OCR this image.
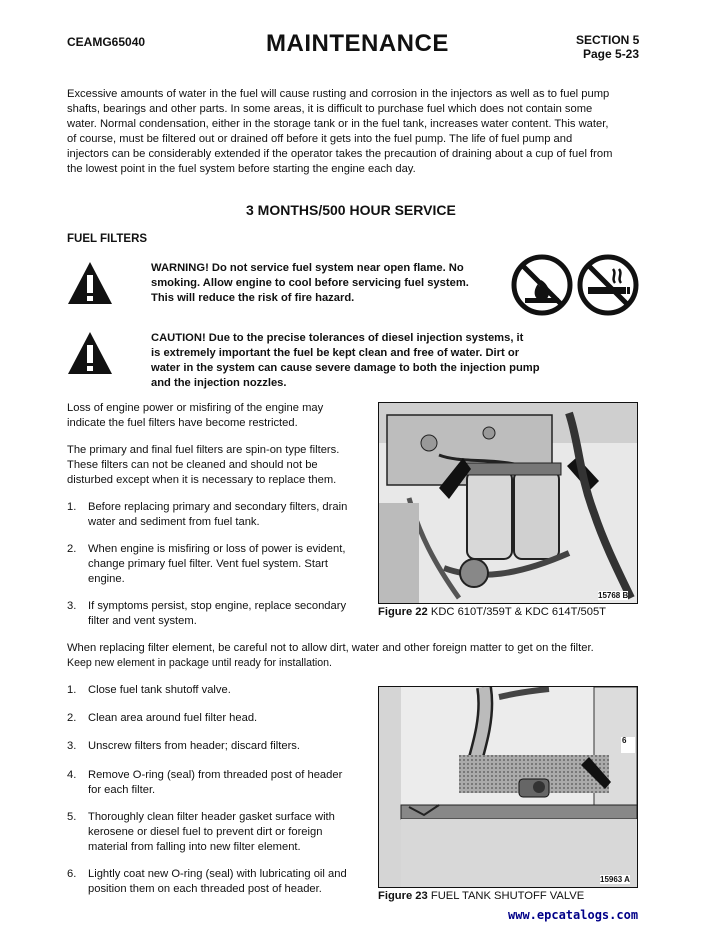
CEAMG65040	MAINTENANCE	SECTION 5
Page 5-23
Excessive amounts of water in the fuel will cause rusting and corrosion in the injectors as well as to fuel pump
shafts, bearings and other parts. In some areas, it is difficult to purchase fuel which does not contain some
water. Normal condensation, either in the storage tank or in the fuel tank, increases water content. This water,
of course, must be filtered out or drained off before it gets into the fuel pump. The life of fuel pump and
injectors can be considerably extended if the operator takes the precaution of draining about a cup of fuel from
the lowest point in the fuel system before starting the engine each day.
3 MONTHS/500 HOUR SERVICE
FUEL FILTERS
WARNING! Do not service fuel system near open flame. No
smoking. Allow engine to cool before servicing fuel system.
This will reduce the risk of fire hazard.
CAUTION! Due to the precise tolerances of diesel injection systems, it
is extremely important the fuel be kept clean and free of water. Dirt or
water in the system can cause severe damage to both the injection pump
and the injection nozzles.
Loss of engine power or misfiring of the engine may
indicate the fuel filters have become restricted.
The primary and final fuel filters are spin-on type filters.
These filters can not be cleaned and should not be
disturbed except when it is necessary to replace them.
1. Before replacing primary and secondary filters, drain
water and sediment from fuel tank.
2. When engine is misfiring or loss of power is evident,
change primary fuel filter. Vent fuel system. Start
engine.
3. If symptoms persist, stop engine, replace secondary
filter and vent system.
15768 B
Figure 22 KDC 610T/359T & KDC 614T/505T
When replacing filter element, be careful not to allow dirt, water and other foreign matter to get on the filter.
Keep new element in package until ready for installation.
1. Close fuel tank shutoff valve.
2. Clean area around fuel filter head.
3. Unscrew filters from header; discard filters.
4. Remove O-ring (seal) from threaded post of header
for each filter.
5. Thoroughly clean filter header gasket surface with
kerosene or diesel fuel to prevent dirt or foreign
material from falling into new filter element.
6. Lightly coat new O-ring (seal) with lubricating oil and
position them on each threaded post of header.
6
15963 A
Figure 23 FUEL TANK SHUTOFF VALVE
www.epcatalogs.com
